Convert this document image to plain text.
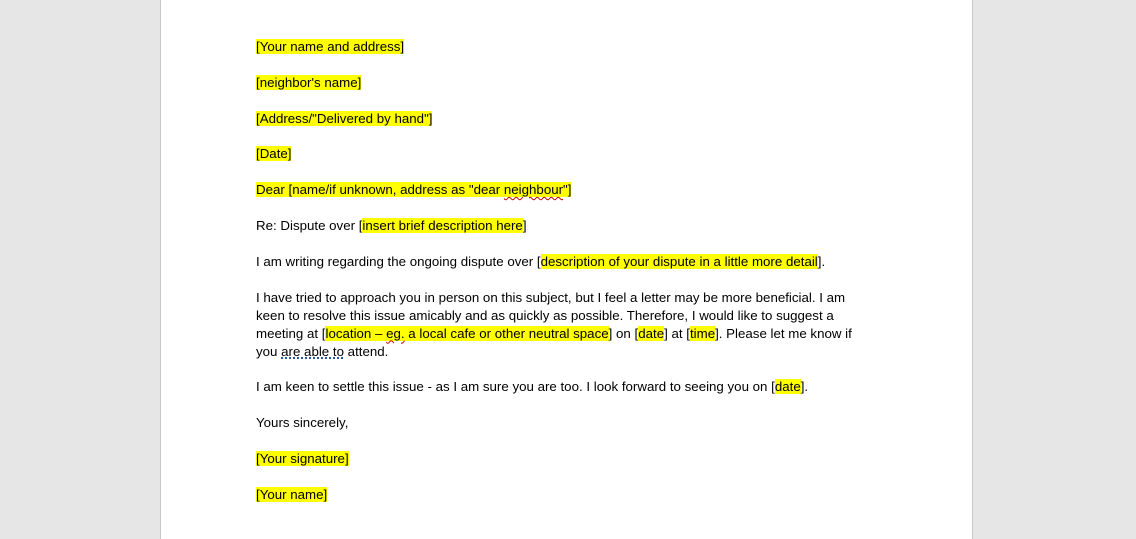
[Your name and address]

[neighbor's name]

[Address/"Delivered by hand"]

[Date]

Dear [name/if unknown, address as "dear neighbour"]

Re: Dispute over [insert brief description here]

I am writing regarding the ongoing dispute over [description of your dispute in a little more detail].

I have tried to approach you in person on this subject, but I feel a letter may be more beneficial. I am keen to resolve this issue amicably and as quickly as possible. Therefore, I would like to suggest a meeting at [location – eg. a local cafe or other neutral space] on [date] at [time]. Please let me know if you are able to attend.

I am keen to settle this issue - as I am sure you are too. I look forward to seeing you on [date].

Yours sincerely,

[Your signature]

[Your name]
